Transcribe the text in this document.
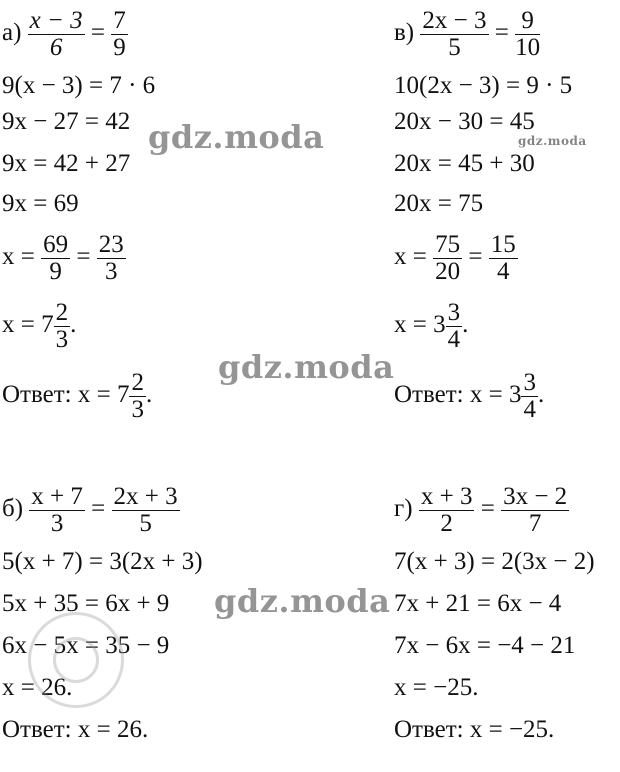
$а) \frac{x - 3}{6} = \frac{7}{9}$
9(x − 3) = 7 · 6
9x − 27 = 42
9x = 42 + 27
9x = 69
$x = \frac{69}{9} = \frac{23}{3}$
$x = 7 \frac{2}{3}$ .
Ответ: $x = 7 \frac{2}{3}$ .
$в) \frac{2x - 3}{5} = \frac{9}{10}$
10(2x − 3) = 9 · 5
20x − 30 = 45
20x = 45 + 30
20x = 75
$x = \frac{75}{20} = \frac{15}{4}$
$x = 3 \frac{3}{4}$ .
Ответ: $x = 3 \frac{3}{4}$ .
$б) \frac{x + 7}{3} = \frac{2x + 3}{5}$
5(x + 7) = 3(2x + 3)
5x + 35 = 6x + 9
6x − 5x = 35 − 9
x = 26.
Ответ: x = 26.
$г) \frac{x + 3}{2} = \frac{3x - 2}{7}$
7(x + 3) = 2(3x − 2)
7x + 21 = 6x − 4
7x − 6x = −4 − 21
x = −25.
Ответ: x = −25.
gdz.moda	gdz.moda
gdz.moda
gdz.moda
